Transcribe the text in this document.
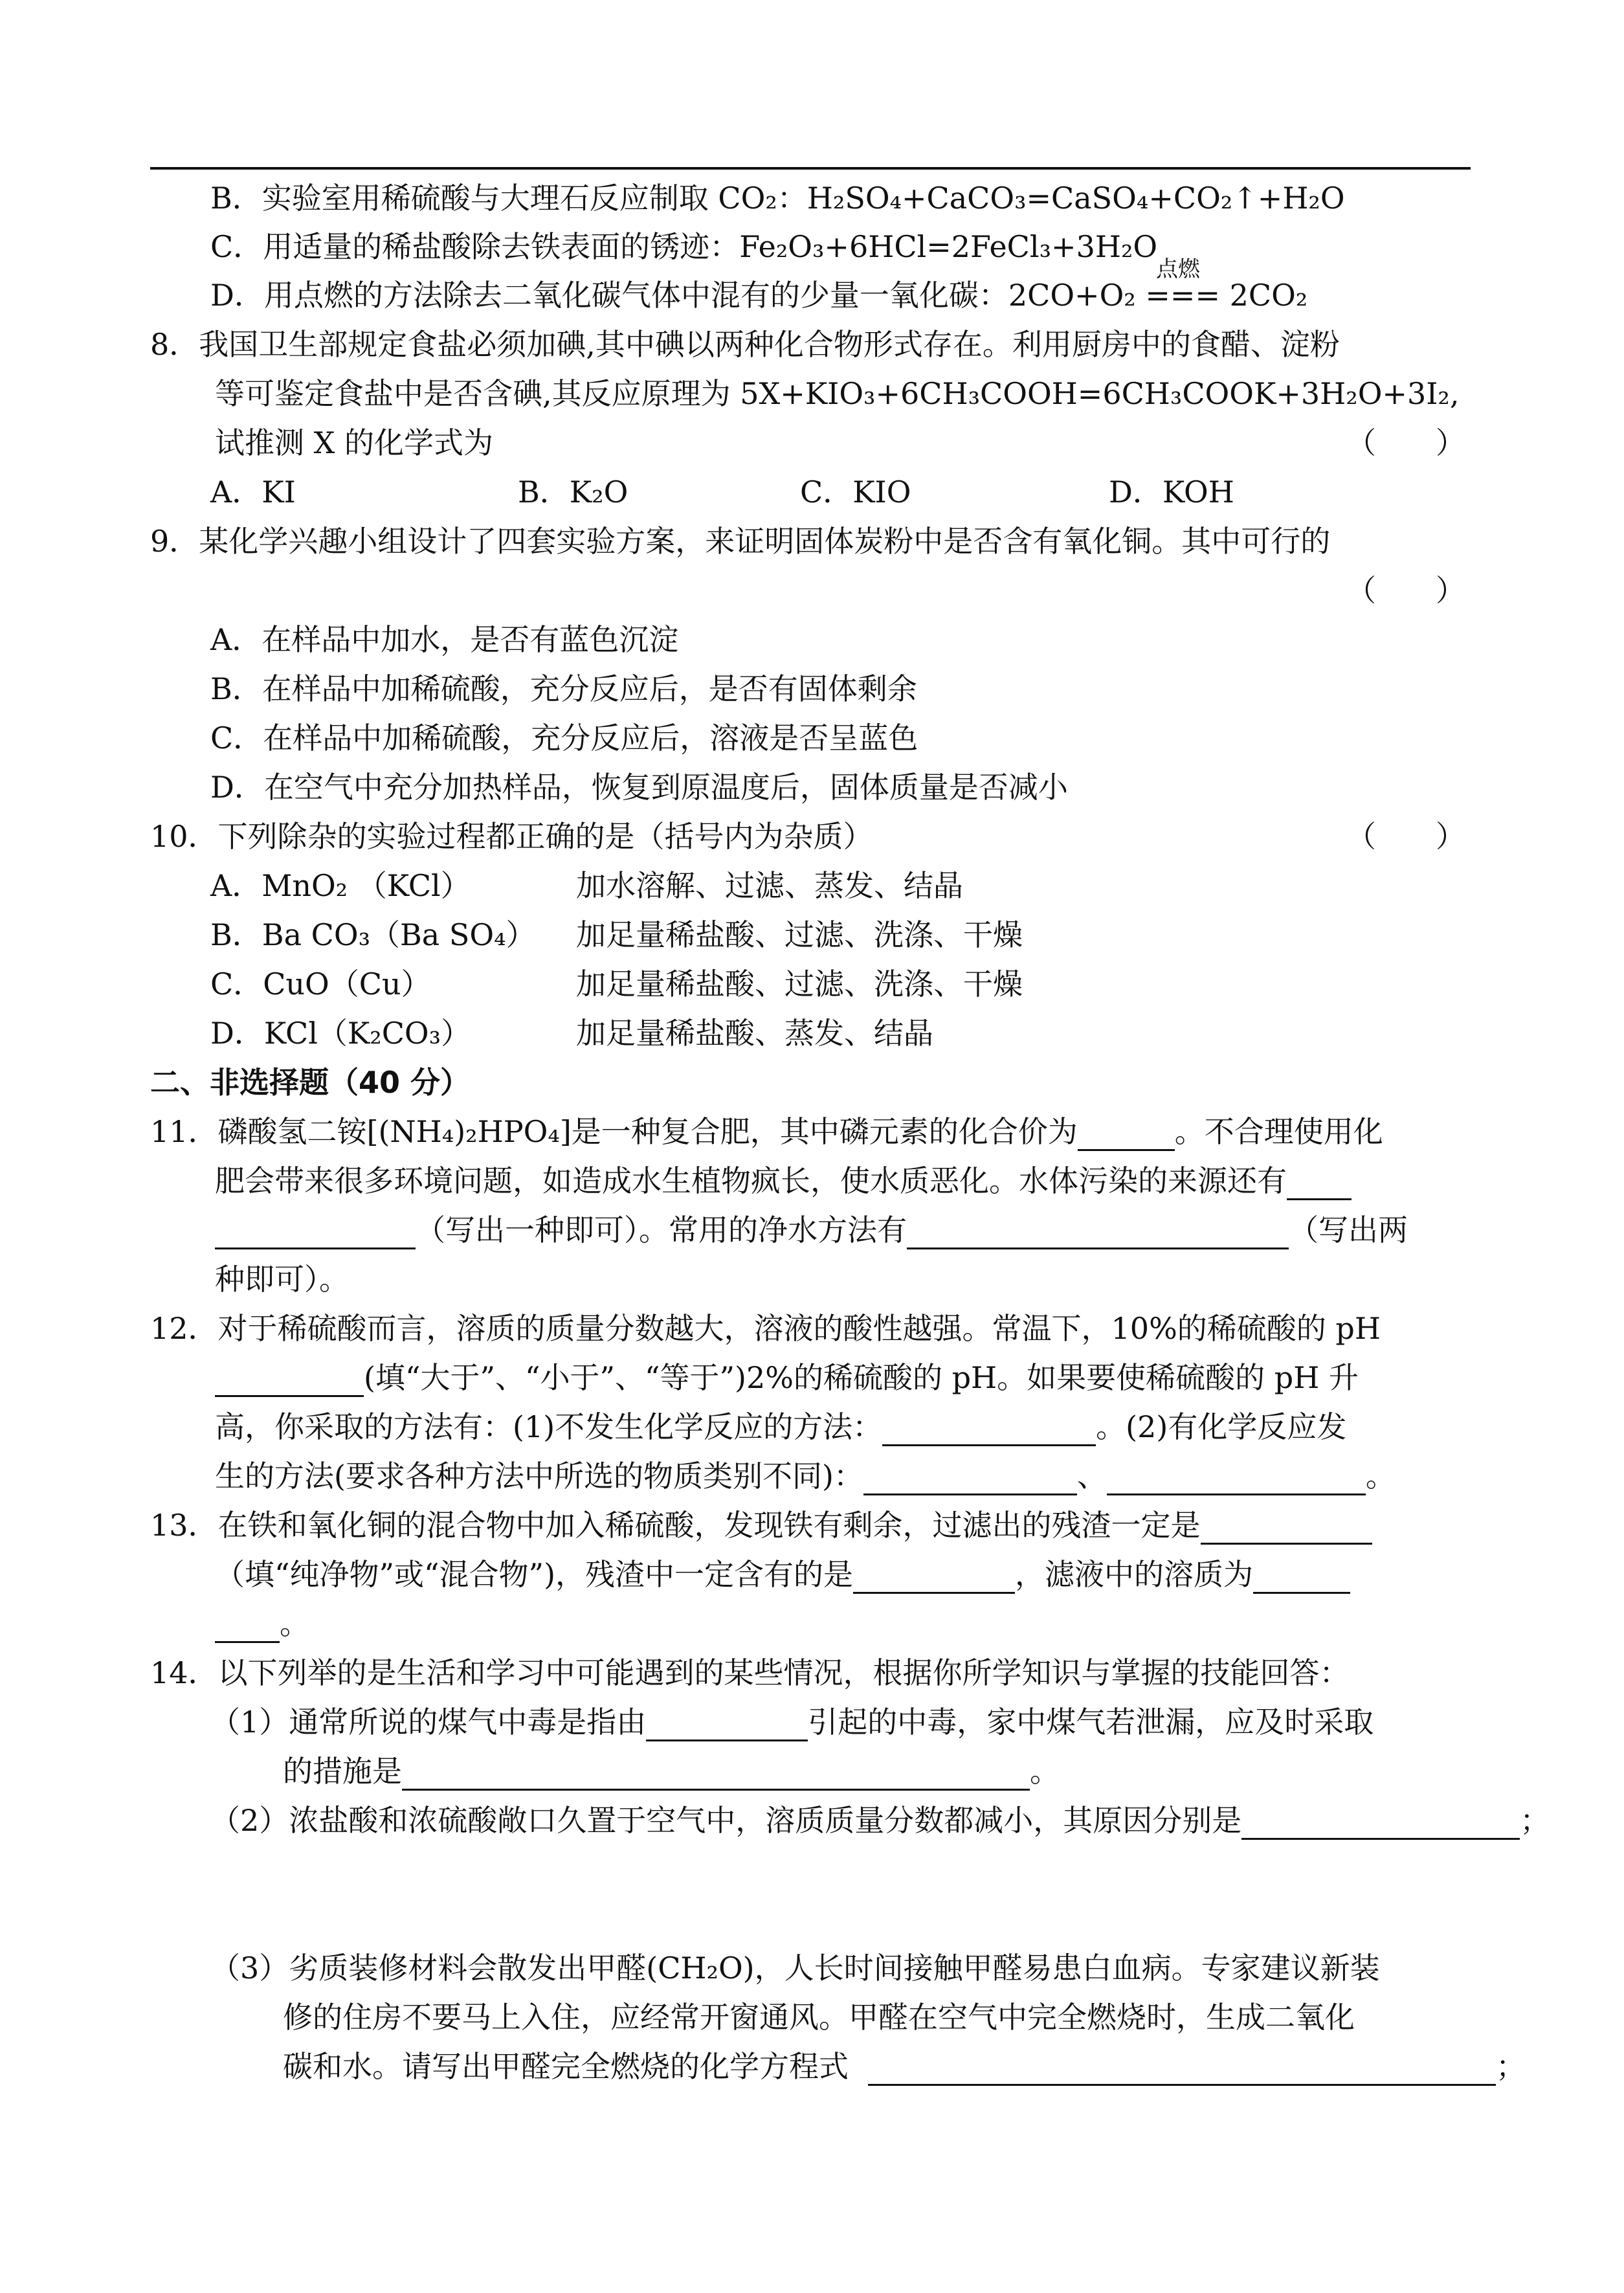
B．实验室用稀硫酸与大理石反应制取 CO₂：H₂SO₄+CaCO₃=CaSO₄+CO₂↑+H₂O
C．用适量的稀盐酸除去铁表面的锈迹：Fe₂O₃+6HCl=2FeCl₃+3H₂O
点燃
D．用点燃的方法除去二氧化碳气体中混有的少量一氧化碳：2CO+O₂ === 2CO₂
8．我国卫生部规定食盐必须加碘,其中碘以两种化合物形式存在。利用厨房中的食醋、淀粉
等可鉴定食盐中是否含碘,其反应原理为 5X+KIO₃+6CH₃COOH=6CH₃COOK+3H₂O+3I₂,
试推测 X 的化学式为	（　　）
A．KI	B．K₂O	C．KIO	D．KOH
9．某化学兴趣小组设计了四套实验方案，来证明固体炭粉中是否含有氧化铜。其中可行的
（　　）
A．在样品中加水，是否有蓝色沉淀
B．在样品中加稀硫酸，充分反应后，是否有固体剩余
C．在样品中加稀硫酸，充分反应后，溶液是否呈蓝色
D．在空气中充分加热样品，恢复到原温度后，固体质量是否减小
10．下列除杂的实验过程都正确的是（括号内为杂质）	（　　）
A．MnO₂ （KCl）	加水溶解、过滤、蒸发、结晶
B．Ba CO₃（Ba SO₄） 加足量稀盐酸、过滤、洗涤、干燥
C．CuO（Cu）	加足量稀盐酸、过滤、洗涤、干燥
D．KCl（K₂CO₃）	加足量稀盐酸、蒸发、结晶
二、非选择题（40 分）
11．磷酸氢二铵[(NH₄)₂HPO₄]是一种复合肥，其中磷元素的化合价为	。不合理使用化
肥会带来很多环境问题，如造成水生植物疯长，使水质恶化。水体污染的来源还有
（写出一种即可）。常用的净水方法有	（写出两
种即可）。
12．对于稀硫酸而言，溶质的质量分数越大，溶液的酸性越强。常温下，10%的稀硫酸的 pH
(填“大于”、“小于”、“等于”)2%的稀硫酸的 pH。如果要使稀硫酸的 pH 升
高，你采取的方法有：(1)不发生化学反应的方法：	。(2)有化学反应发
生的方法(要求各种方法中所选的物质类别不同)：	、	。
13．在铁和氧化铜的混合物中加入稀硫酸，发现铁有剩余，过滤出的残渣一定是
（填“纯净物”或“混合物”)，残渣中一定含有的是	，滤液中的溶质为
。
14．以下列举的是生活和学习中可能遇到的某些情况，根据你所学知识与掌握的技能回答：
（1）通常所说的煤气中毒是指由	引起的中毒，家中煤气若泄漏，应及时采取
的措施是	。
（2）浓盐酸和浓硫酸敞口久置于空气中，溶质质量分数都减小，其原因分别是	；
（3）劣质装修材料会散发出甲醛(CH₂O)，人长时间接触甲醛易患白血病。专家建议新装
修的住房不要马上入住，应经常开窗通风。甲醛在空气中完全燃烧时，生成二氧化
碳和水。请写出甲醛完全燃烧的化学方程式	；
